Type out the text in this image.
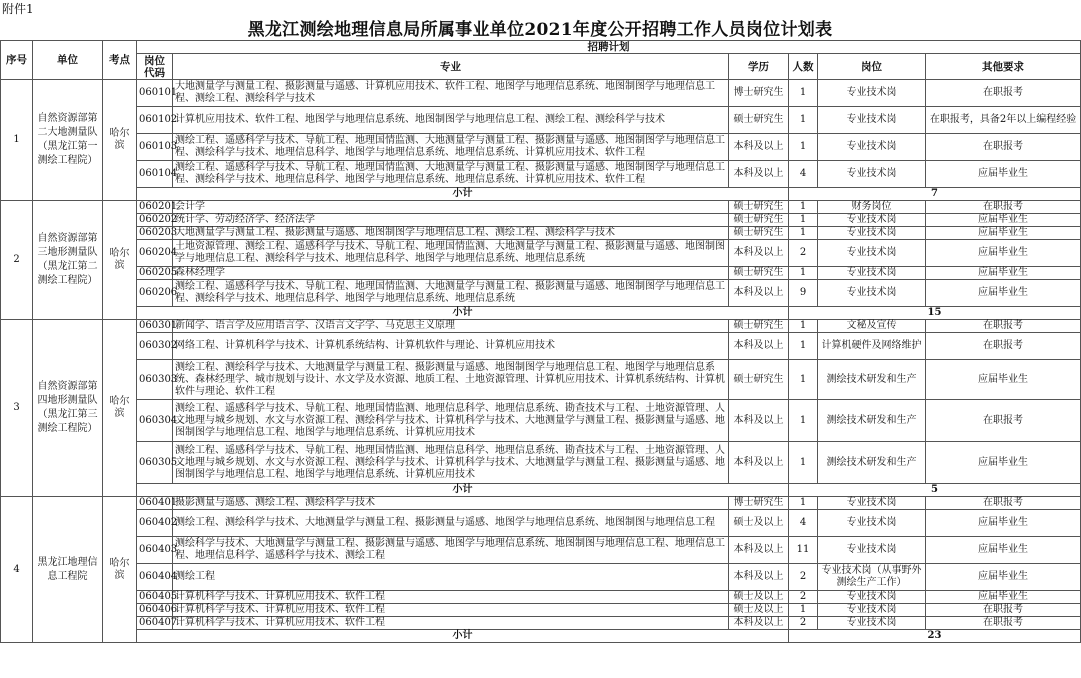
附件1
黑龙江测绘地理信息局所属事业单位2021年度公开招聘工作人员岗位计划表
序号	单位	考点	招聘计划					
			岗位代码	专业	学历	人数	岗位	其他要求
1	自然资源部第二大地测量队（黑龙江第一测绘工程院）	哈尔滨	060101	大地测量学与测量工程、摄影测量与遥感、计算机应用技术、软件工程、地图学与地理信息系统、地图制图学与地理信息工程、测绘工程、测绘科学与技术	博士研究生	1	专业技术岗	在职报考
			060102	计算机应用技术、软件工程、地图学与地理信息系统、地图制图学与地理信息工程、测绘工程、测绘科学与技术	硕士研究生	1	专业技术岗	在职报考，具备2年以上编程经验
			060103	测绘工程、遥感科学与技术、导航工程、地理国情监测、大地测量学与测量工程、摄影测量与遥感、地图制图学与地理信息工程、测绘科学与技术、地理信息科学、地图学与地理信息系统、地理信息系统、计算机应用技术、软件工程	本科及以上	1	专业技术岗	在职报考
			060104	测绘工程、遥感科学与技术、导航工程、地理国情监测、大地测量学与测量工程、摄影测量与遥感、地图制图学与地理信息工程、测绘科学与技术、地理信息科学、地图学与地理信息系统、地理信息系统、计算机应用技术、软件工程	本科及以上	4	专业技术岗	应届毕业生
			小计			7		
2	自然资源部第三地形测量队（黑龙江第二测绘工程院）	哈尔滨	060201	会计学	硕士研究生	1	财务岗位	在职报考
			060202	统计学、劳动经济学、经济法学	硕士研究生	1	专业技术岗	应届毕业生
			060203	大地测量学与测量工程、摄影测量与遥感、地图制图学与地理信息工程、测绘工程、测绘科学与技术	硕士研究生	1	专业技术岗	应届毕业生
			060204	土地资源管理、测绘工程、遥感科学与技术、导航工程、地理国情监测、大地测量学与测量工程、摄影测量与遥感、地图制图学与地理信息工程、测绘科学与技术、地理信息科学、地图学与地理信息系统、地理信息系统	本科及以上	2	专业技术岗	应届毕业生
			060205	森林经理学	硕士研究生	1	专业技术岗	应届毕业生
			060206	测绘工程、遥感科学与技术、导航工程、地理国情监测、大地测量学与测量工程、摄影测量与遥感、地图制图学与地理信息工程、测绘科学与技术、地理信息科学、地图学与地理信息系统、地理信息系统	本科及以上	9	专业技术岗	应届毕业生
			小计			15		
3	自然资源部第四地形测量队（黑龙江第三测绘工程院）	哈尔滨	060301	新闻学、语言学及应用语言学、汉语言文字学、马克思主义原理	硕士研究生	1	文秘及宣传	在职报考
			060302	网络工程、计算机科学与技术、计算机系统结构、计算机软件与理论、计算机应用技术	本科及以上	1	计算机硬件及网络维护	在职报考
			060303	测绘工程、测绘科学与技术、大地测量学与测量工程、摄影测量与遥感、地图制图学与地理信息工程、地图学与地理信息系统、森林经理学、城市规划与设计、水文学及水资源、地质工程、土地资源管理、计算机应用技术、计算机系统结构、计算机软件与理论、软件工程	硕士研究生	1	测绘技术研发和生产	应届毕业生
			060304	测绘工程、遥感科学与技术、导航工程、地理国情监测、地理信息科学、地理信息系统、勘查技术与工程、土地资源管理、人文地理与城乡规划、水文与水资源工程、测绘科学与技术、计算机科学与技术、大地测量学与测量工程、摄影测量与遥感、地图制图学与地理信息工程、地图学与地理信息系统、计算机应用技术	本科及以上	1	测绘技术研发和生产	在职报考
			060305	测绘工程、遥感科学与技术、导航工程、地理国情监测、地理信息科学、地理信息系统、勘查技术与工程、土地资源管理、人文地理与城乡规划、水文与水资源工程、测绘科学与技术、计算机科学与技术、大地测量学与测量工程、摄影测量与遥感、地图制图学与地理信息工程、地图学与地理信息系统、计算机应用技术	本科及以上	1	测绘技术研发和生产	应届毕业生
			小计			5		
4	黑龙江地理信息工程院	哈尔滨	060401	摄影测量与遥感、测绘工程、测绘科学与技术	博士研究生	1	专业技术岗	在职报考
			060402	测绘工程、测绘科学与技术、大地测量学与测量工程、摄影测量与遥感、地图学与地理信息系统、地图制图与地理信息工程	硕士及以上	4	专业技术岗	应届毕业生
			060403	测绘科学与技术、大地测量学与测量工程、摄影测量与遥感、地图学与地理信息系统、地图制图与地理信息工程、地理信息工程、地理信息科学、遥感科学与技术、测绘工程	本科及以上	11	专业技术岗	应届毕业生
			060404	测绘工程	本科及以上	2	专业技术岗（从事野外测绘生产工作）	应届毕业生
			060405	计算机科学与技术、计算机应用技术、软件工程	硕士及以上	2	专业技术岗	应届毕业生
			060406	计算机科学与技术、计算机应用技术、软件工程	硕士及以上	1	专业技术岗	在职报考
			060407	计算机科学与技术、计算机应用技术、软件工程	本科及以上	2	专业技术岗	在职报考
			小计			23		
